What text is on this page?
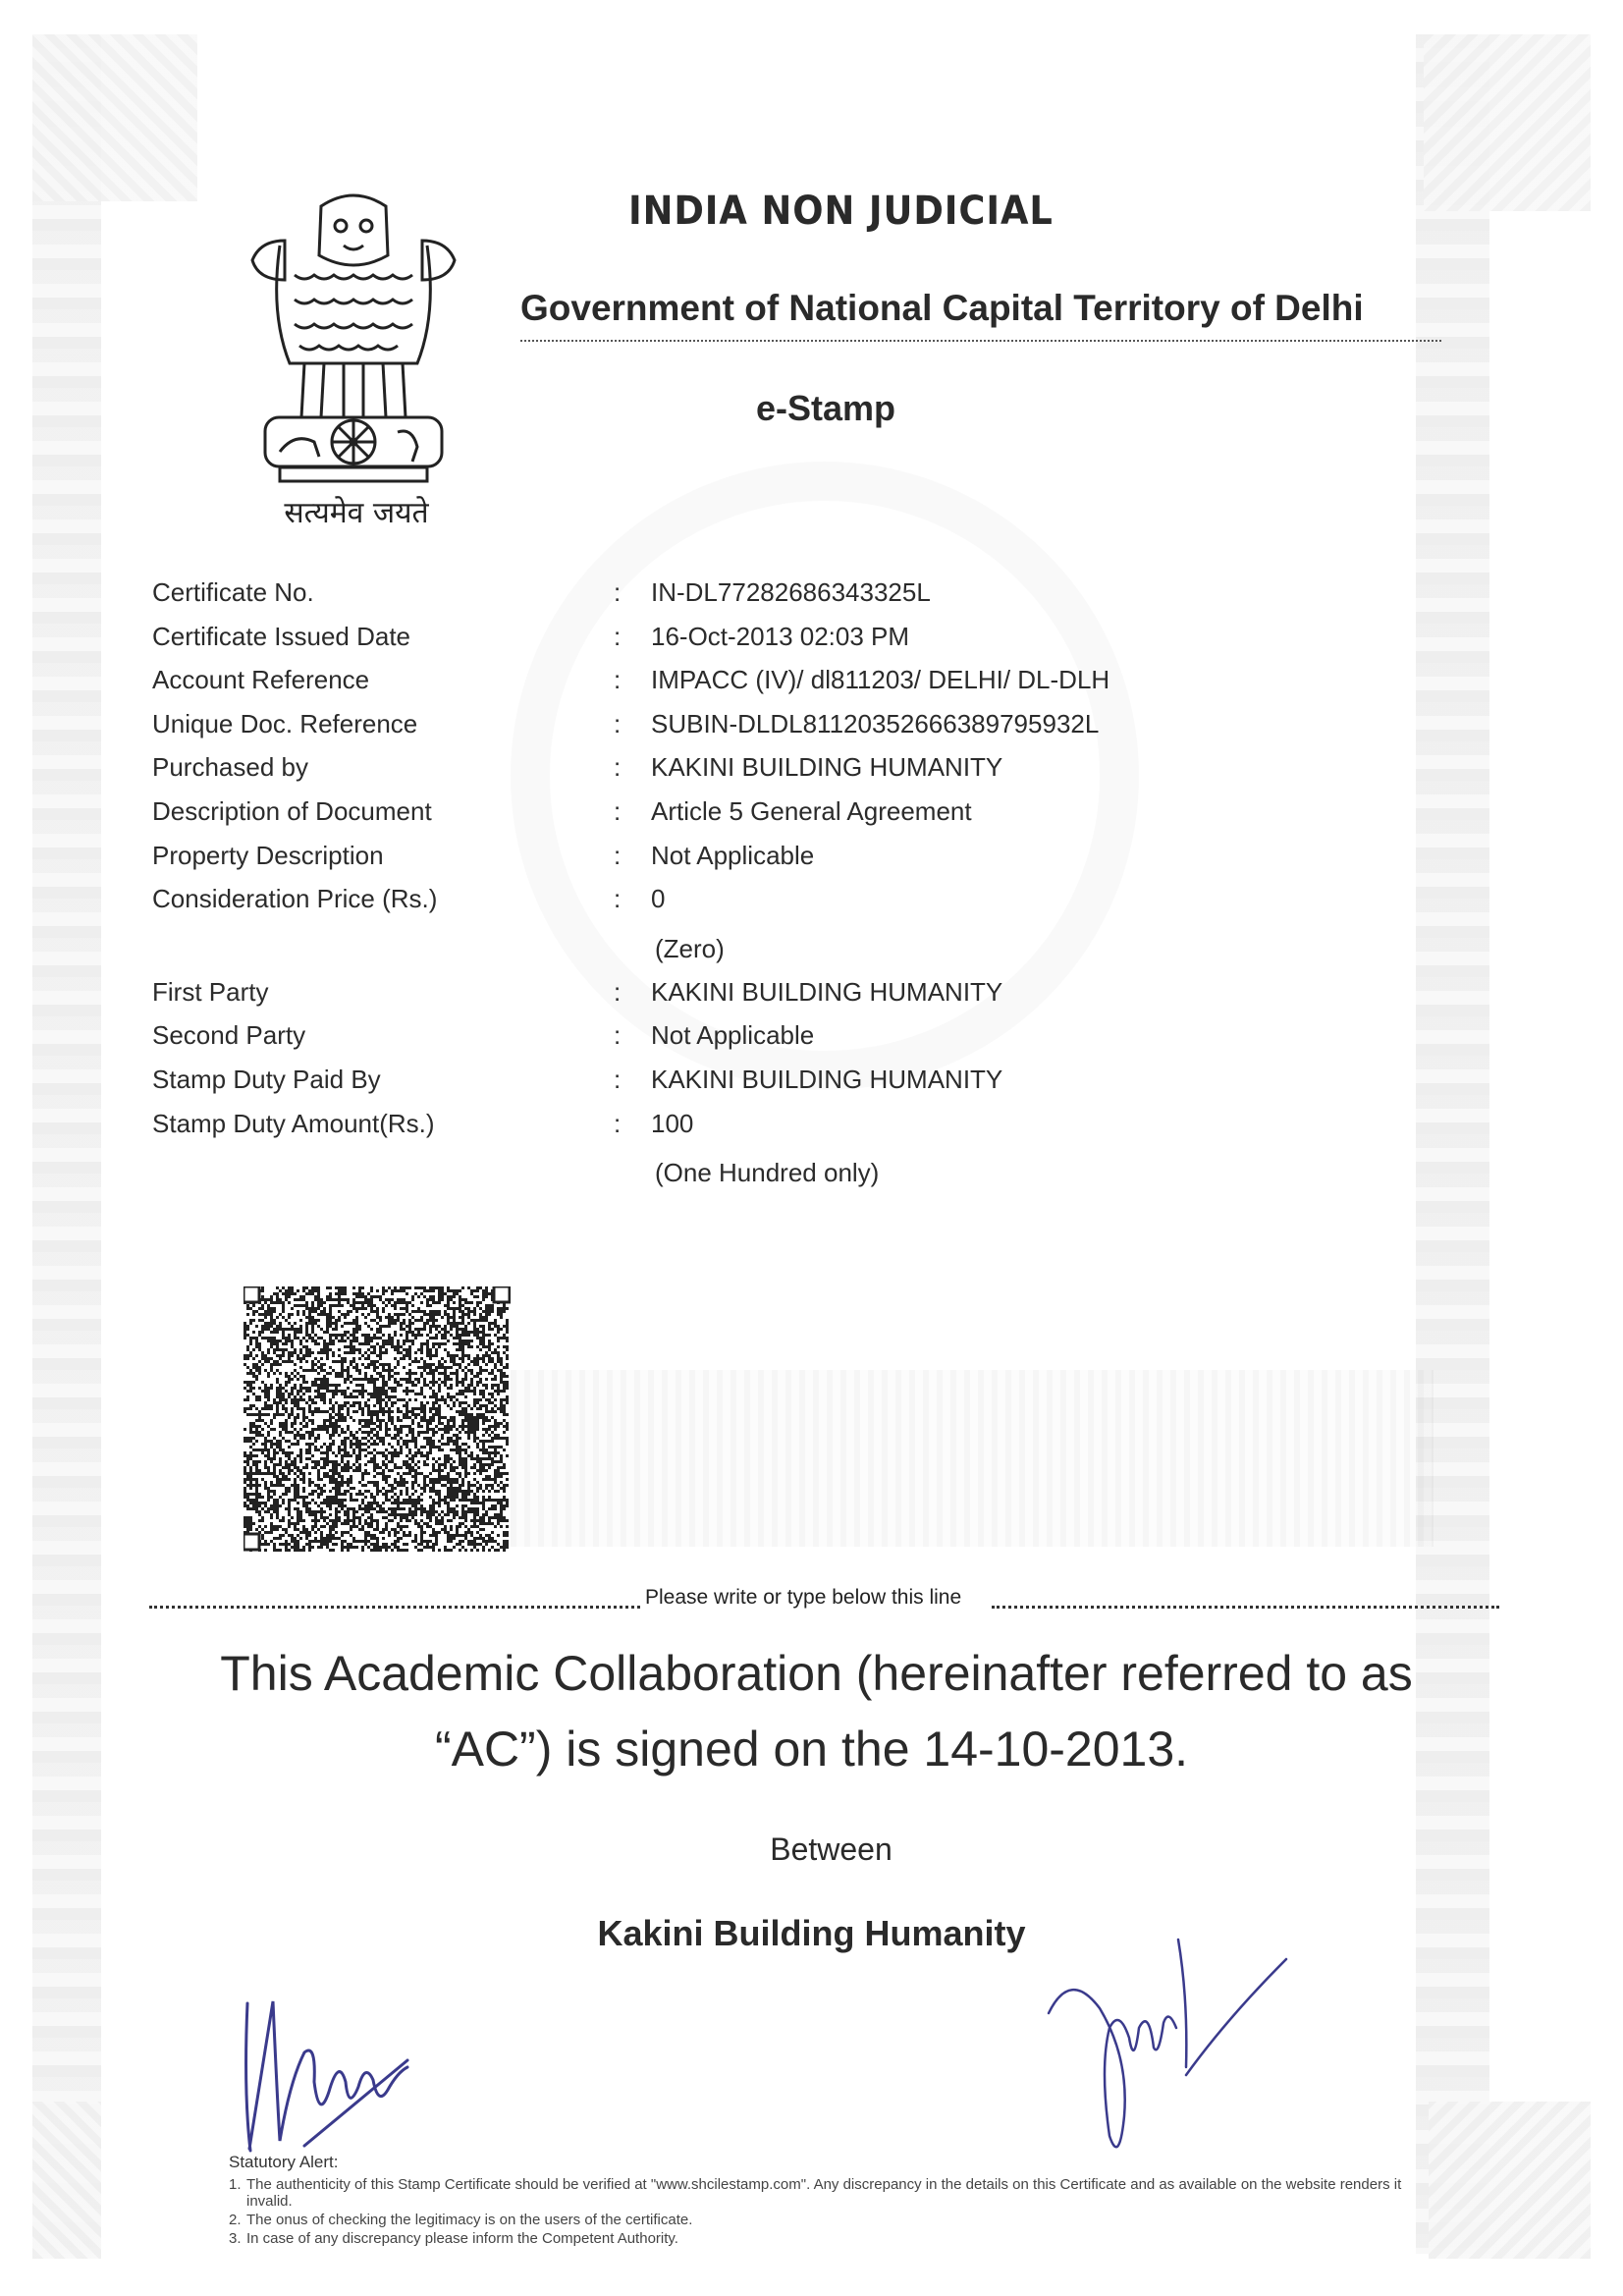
सत्यमेव जयते
INDIA NON JUDICIAL
Government of National Capital Territory of Delhi
e-Stamp
Certificate No.	: IN-DL77282686343325L
Certificate Issued Date	: 16-Oct-2013 02:03 PM
Account Reference	: IMPACC (IV)/ dl811203/ DELHI/ DL-DLH
Unique Doc. Reference	: SUBIN-DLDL81120352666389795932L
Purchased by	: KAKINI BUILDING HUMANITY
Description of Document	: Article 5 General Agreement
Property Description	: Not Applicable
Consideration Price (Rs.)	: 0
(Zero)
First Party	: KAKINI BUILDING HUMANITY
Second Party	: Not Applicable
Stamp Duty Paid By	: KAKINI BUILDING HUMANITY
Stamp Duty Amount(Rs.)	: 100
(One Hundred only)
Please write or type below this line
This Academic Collaboration (hereinafter referred to as
“AC”) is signed on the 14-10-2013.
Between
Kakini Building Humanity
Statutory Alert:
1. The authenticity of this Stamp Certificate should be verified at "www.shcilestamp.com". Any discrepancy in the details on this Certificate and as available on the website renders it invalid.
2. The onus of checking the legitimacy is on the users of the certificate.
3. In case of any discrepancy please inform the Competent Authority.
